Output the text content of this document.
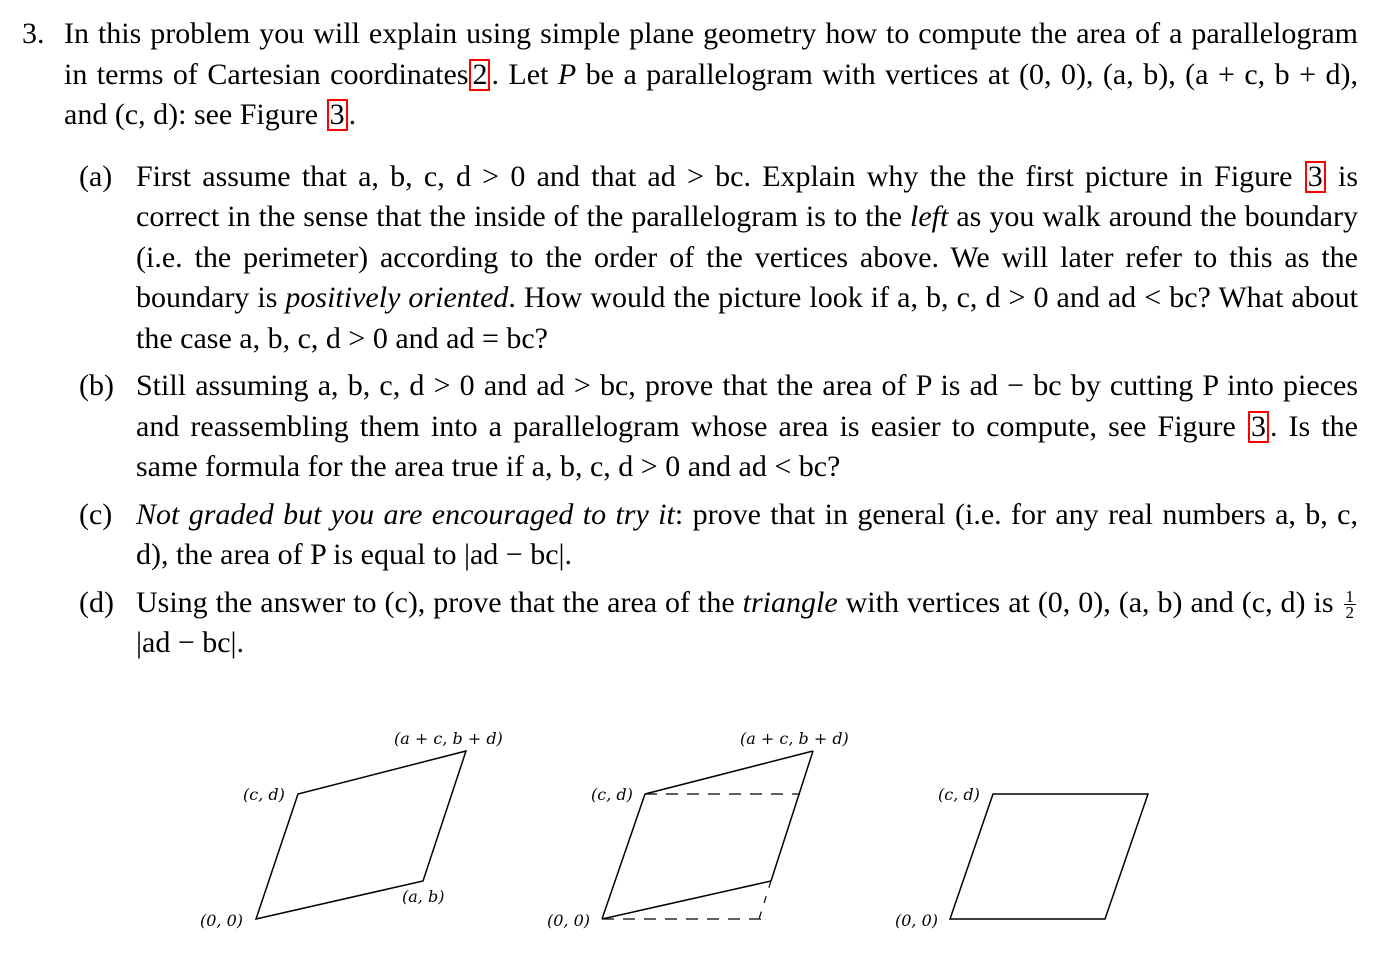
3. In this problem you will explain using simple plane geometry how to compute the area of a parallelogram in terms of Cartesian coordinates 2 . Let P be a parallelogram with vertices at (0, 0), (a, b), (a + c, b + d), and (c, d): see Figure 3 .
(a) First assume that a, b, c, d > 0 and that ad > bc. Explain why the the first picture in Figure 3 is correct in the sense that the inside of the parallelogram is to the left as you walk around the boundary (i.e. the perimeter) according to the order of the vertices above. We will later refer to this as the boundary is positively oriented. How would the picture look if a, b, c, d > 0 and ad < bc? What about the case a, b, c, d > 0 and ad = bc?
(b) Still assuming a, b, c, d > 0 and ad > bc, prove that the area of P is ad − bc by cutting P into pieces and reassembling them into a parallelogram whose area is easier to compute, see Figure 3 . Is the same formula for the area true if a, b, c, d > 0 and ad < bc?
(c) Not graded but you are encouraged to try it: prove that in general (i.e. for any real numbers a, b, c, d), the area of P is equal to |ad − bc|.
(d) Using the answer to (c), prove that the area of the triangle with vertices at (0, 0), (a, b) and (c, d) is $\frac{1}{2}$
|ad − bc|.
(0, 0)
(a, b)
(c, d)
(a + c, b + d)
(0, 0)
(c, d)
(a + c, b + d)
(0, 0)
(c, d)
